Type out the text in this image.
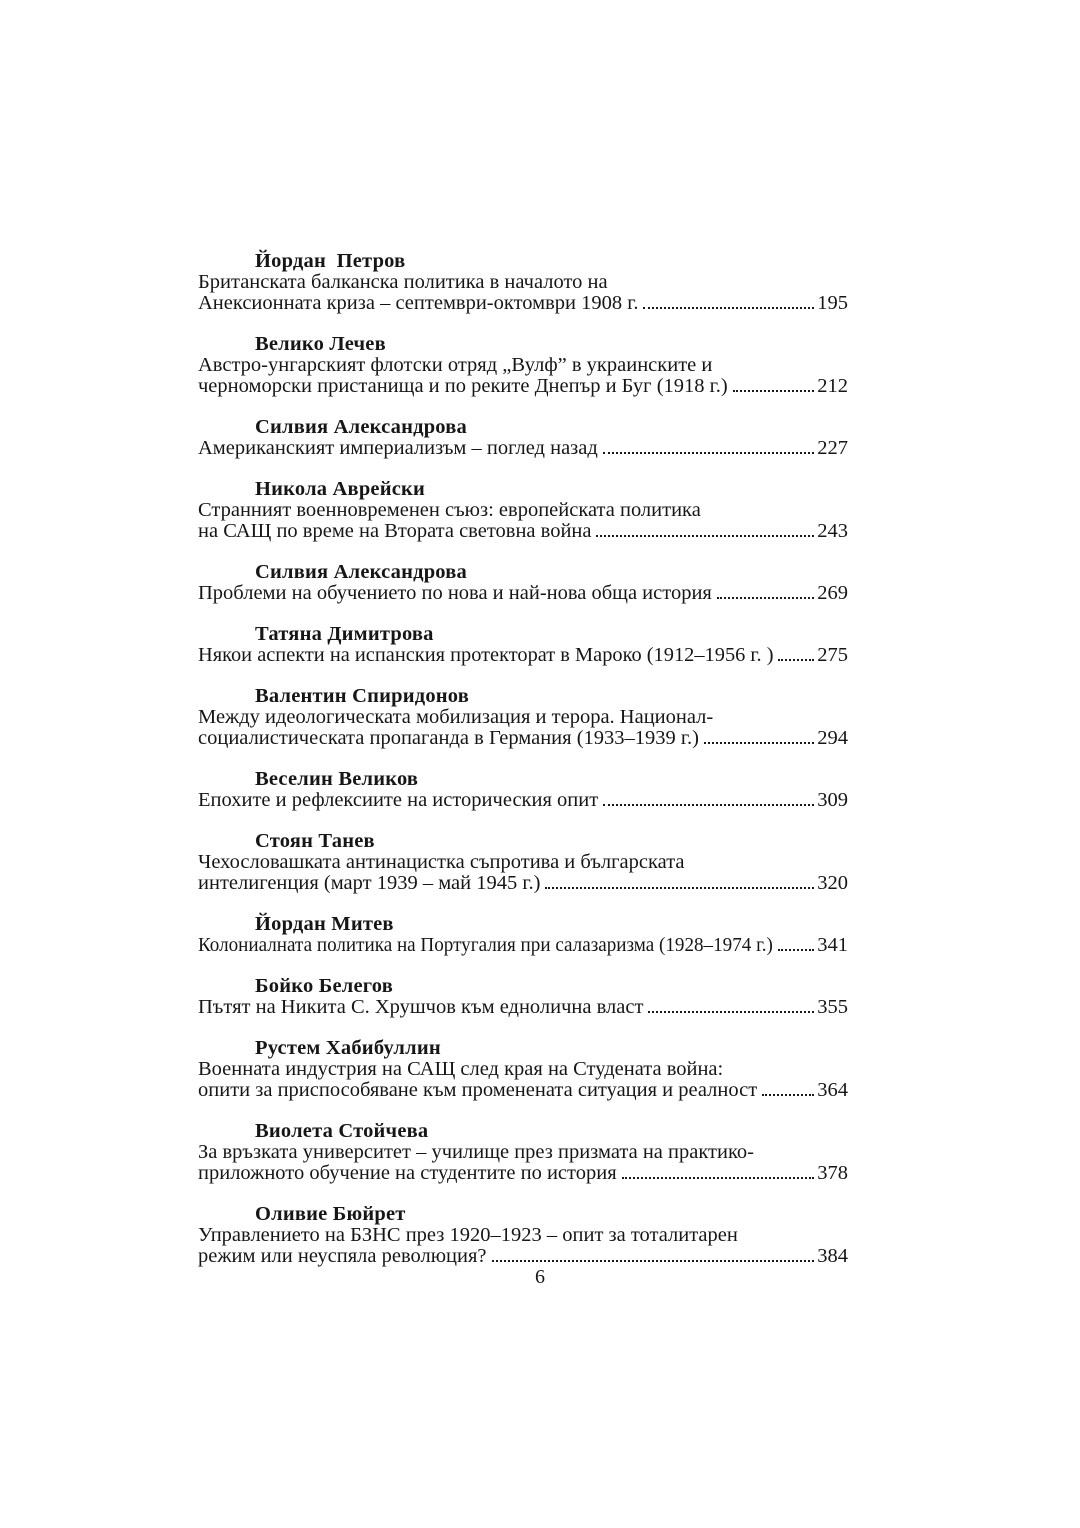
Йордан  Петров

Британската балканска политика в началото на

Анексионната криза – септември-октомври 1908 г.	195

Велико Лечев

Австро-унгарският флотски отряд „Вулф” в украинските и

черноморски пристанища и по реките Днепър и Буг (1918 г.)	212

Силвия Александрова

Американският империализъм – поглед назад	227

Никола Аврейски

Странният военновременен съюз: европейската политика

на САЩ по време на Втората световна война	243

Силвия Александрова

Проблеми на обучението по нова и най-нова обща история	269

Татяна Димитрова

Някои аспекти на испанския протекторат в Мароко (1912–1956 г. ) 275

Валентин Спиридонов

Между идеологическата мобилизация и терора. Национал-

социалистическата пропаганда в Германия (1933–1939 г.)	294

Веселин Великов

Епохите и рефлексиите на историческия опит	309

Стоян Танев

Чехословашката антинацистка съпротива и българската

интелигенция (март 1939 – май 1945 г.)	320

Йордан Митев

Колониалната политика на Португалия при салазаризма (1928–1974 г.) 341

Бойко Белегов

Пътят на Никита С. Хрушчов към еднолична власт	355

Рустем Хабибуллин

Военната индустрия на САЩ след края на Студената война:

опити за приспособяване към променената ситуация и реалност	364

Виолета Стойчева

За връзката университет – училище през призмата на практико-

приложното обучение на студентите по история	378

Оливие Бюйрет

Управлението на БЗНС през 1920–1923 – опит за тоталитарен

режим или неуспяла революция?	384

6
